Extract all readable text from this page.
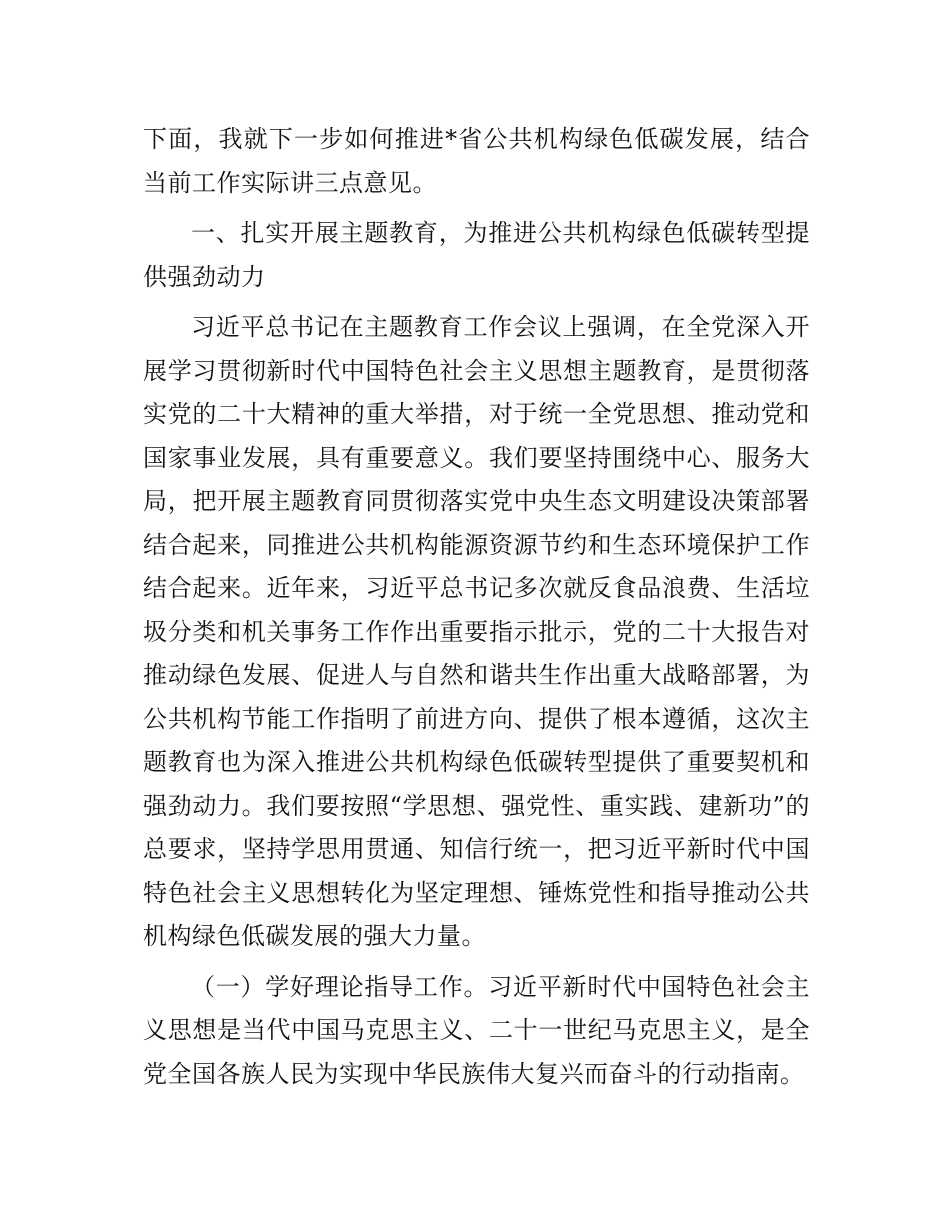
下面，我就下一步如何推进*省公共机构绿色低碳发展，结合当前工作实际讲三点意见。

一、扎实开展主题教育，为推进公共机构绿色低碳转型提供强劲动力

习近平总书记在主题教育工作会议上强调，在全党深入开展学习贯彻新时代中国特色社会主义思想主题教育，是贯彻落实党的二十大精神的重大举措，对于统一全党思想、推动党和国家事业发展，具有重要意义。我们要坚持围绕中心、服务大局，把开展主题教育同贯彻落实党中央生态文明建设决策部署结合起来，同推进公共机构能源资源节约和生态环境保护工作结合起来。近年来，习近平总书记多次就反食品浪费、生活垃圾分类和机关事务工作作出重要指示批示，党的二十大报告对推动绿色发展、促进人与自然和谐共生作出重大战略部署，为公共机构节能工作指明了前进方向、提供了根本遵循，这次主题教育也为深入推进公共机构绿色低碳转型提供了重要契机和强劲动力。我们要按照“学思想、强党性、重实践、建新功”的总要求，坚持学思用贯通、知信行统一，把习近平新时代中国特色社会主义思想转化为坚定理想、锤炼党性和指导推动公共机构绿色低碳发展的强大力量。

（一）学好理论指导工作。习近平新时代中国特色社会主义思想是当代中国马克思主义、二十一世纪马克思主义，是全党全国各族人民为实现中华民族伟大复兴而奋斗的行动指南。
